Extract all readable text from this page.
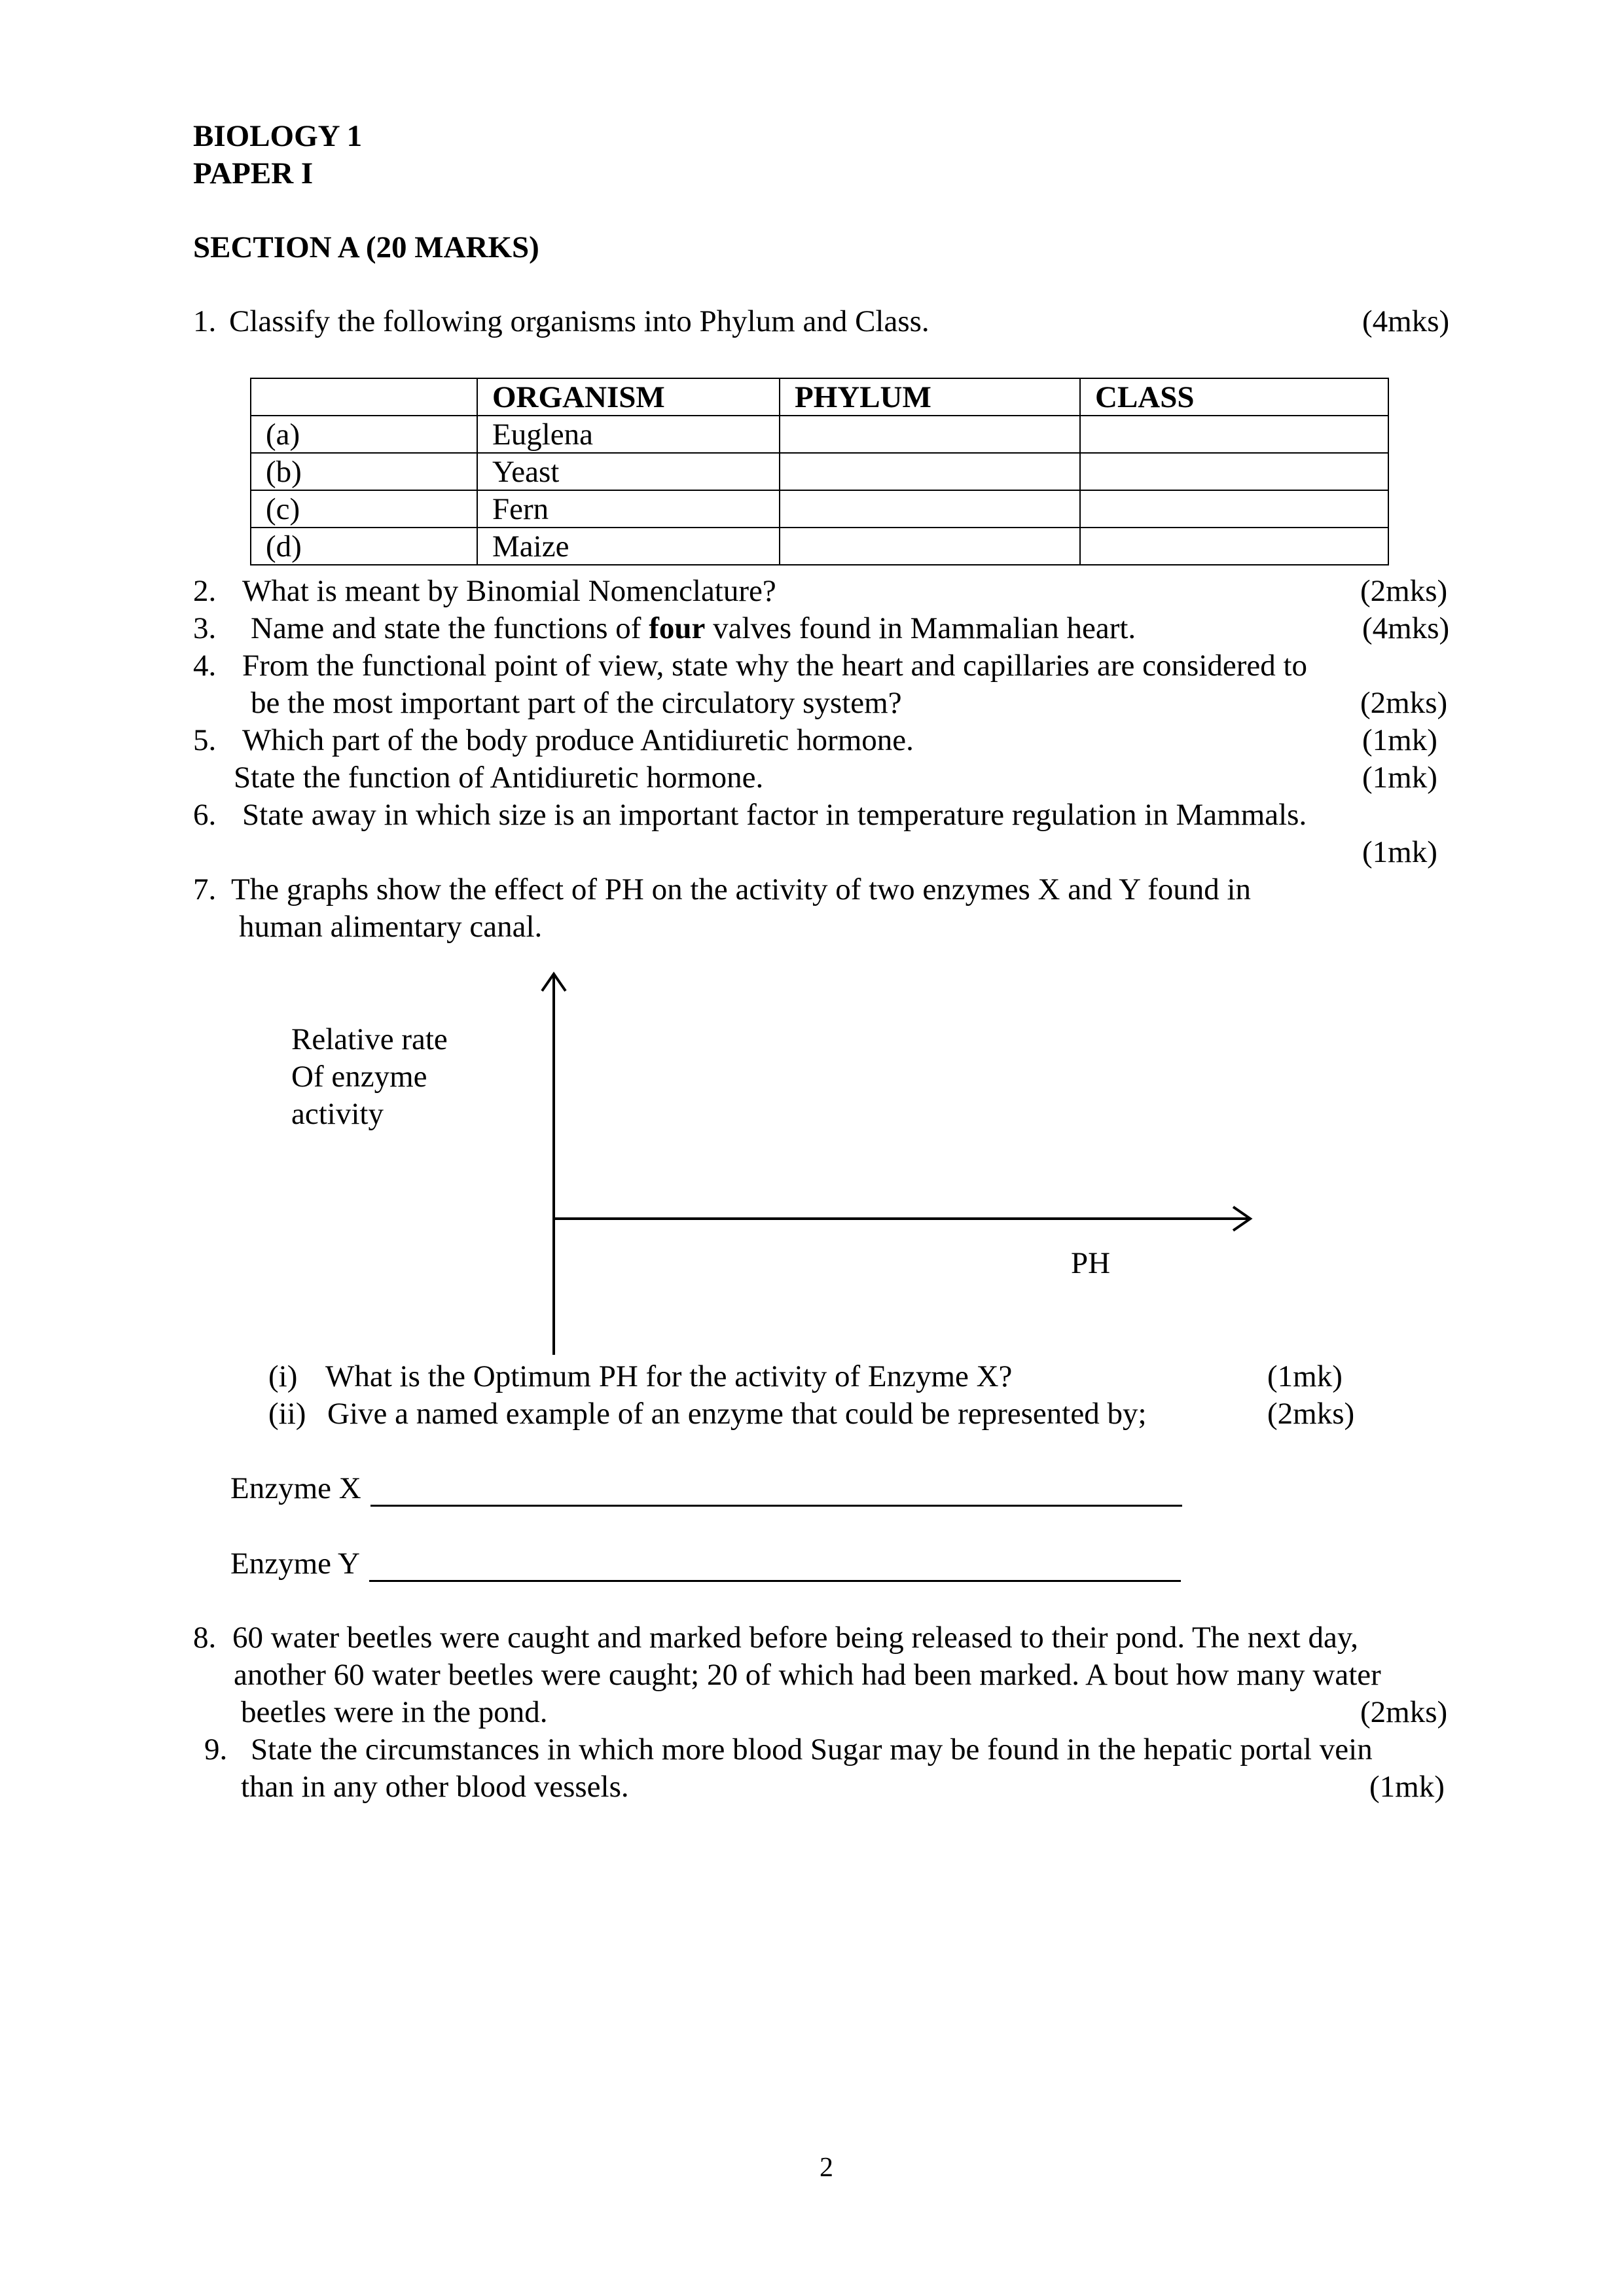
BIOLOGY 1
PAPER I
SECTION A (20 MARKS)
1. Classify the following organisms into Phylum and Class.	(4mks)
	ORGANISM	PHYLUM	CLASS
(a)	Euglena		
(b)	Yeast		
(c)	Fern		
(d)	Maize		
2. What is meant by Binomial Nomenclature?	(2mks)
3. Name and state the functions of four valves found in Mammalian heart.	(4mks)
4. From the functional point of view, state why the heart and capillaries are considered to
be the most important part of the circulatory system?	(2mks)
5. Which part of the body produce Antidiuretic hormone.	(1mk)
State the function of Antidiuretic hormone.	(1mk)
6. State away in which size is an important factor in temperature regulation in Mammals.
(1mk)
7. The graphs show the effect of PH on the activity of two enzymes X and Y found in
human alimentary canal.
Relative rate
Of enzyme
activity
PH
(i) What is the Optimum PH for the activity of Enzyme X?	(1mk)
(ii) Give a named example of an enzyme that could be represented by;	(2mks)
Enzyme X
Enzyme Y
8. 60 water beetles were caught and marked before being released to their pond. The next day,
another 60 water beetles were caught; 20 of which had been marked. A bout how many water
beetles were in the pond.	(2mks)
9. State the circumstances in which more blood Sugar may be found in the hepatic portal vein
than in any other blood vessels.	(1mk)
2
